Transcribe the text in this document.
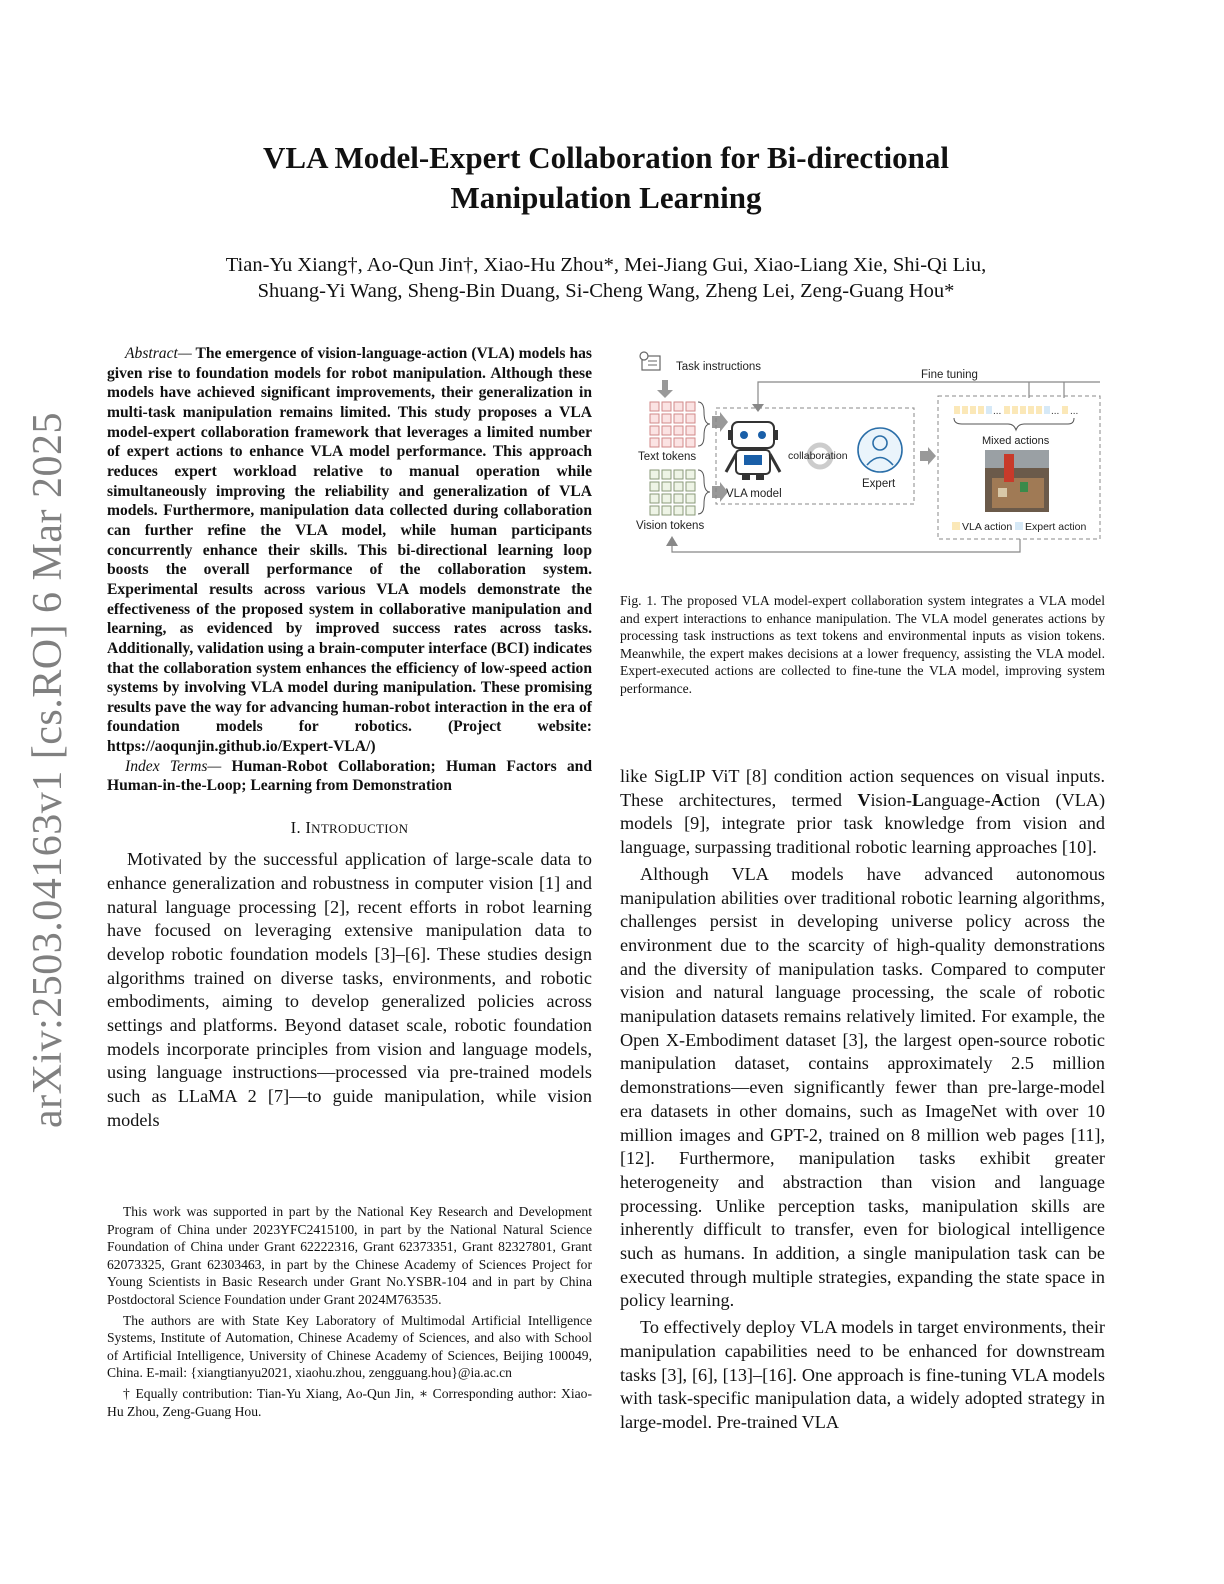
arXiv:2503.04163v1 [cs.RO] 6 Mar 2025
VLA Model-Expert Collaboration for Bi-directional
Manipulation Learning
Tian-Yu Xiang†, Ao-Qun Jin†, Xiao-Hu Zhou*, Mei-Jiang Gui, Xiao-Liang Xie, Shi-Qi Liu,
Shuang-Yi Wang, Sheng-Bin Duang, Si-Cheng Wang, Zheng Lei, Zeng-Guang Hou*

Abstract— The emergence of vision-language-action (VLA) models has given rise to foundation models for robot manipulation. Although these models have achieved significant improvements, their generalization in multi-task manipulation remains limited. This study proposes a VLA model-expert collaboration framework that leverages a limited number of expert actions to enhance VLA model performance. This approach reduces expert workload relative to manual operation while simultaneously improving the reliability and generalization of VLA models. Furthermore, manipulation data collected during collaboration can further refine the VLA model, while human participants concurrently enhance their skills. This bi-directional learning loop boosts the overall performance of the collaboration system. Experimental results across various VLA models demonstrate the effectiveness of the proposed system in collaborative manipulation and learning, as evidenced by improved success rates across tasks. Additionally, validation using a brain-computer interface (BCI) indicates that the collaboration system enhances the efficiency of low-speed action systems by involving VLA model during manipulation. These promising results pave the way for advancing human-robot interaction in the era of foundation models for robotics. (Project website: https://aoqunjin.github.io/Expert-VLA/)

Index Terms— Human-Robot Collaboration; Human Factors and Human-in-the-Loop; Learning from Demonstration

I. INTRODUCTION

Motivated by the successful application of large-scale data to enhance generalization and robustness in computer vision [1] and natural language processing [2], recent efforts in robot learning have focused on leveraging extensive manipulation data to develop robotic foundation models [3]–[6]. These studies design algorithms trained on diverse tasks, environments, and robotic embodiments, aiming to develop generalized policies across settings and platforms. Beyond dataset scale, robotic foundation models incorporate principles from vision and language models, using language instructions—processed via pre-trained models such as LLaMA 2 [7]—to guide manipulation, while vision models

This work was supported in part by the National Key Research and Development Program of China under 2023YFC2415100, in part by the National Natural Science Foundation of China under Grant 62222316, Grant 62373351, Grant 82327801, Grant 62073325, Grant 62303463, in part by the Chinese Academy of Sciences Project for Young Scientists in Basic Research under Grant No.YSBR-104 and in part by China Postdoctoral Science Foundation under Grant 2024M763535.

The authors are with State Key Laboratory of Multimodal Artificial Intelligence Systems, Institute of Automation, Chinese Academy of Sciences, and also with School of Artificial Intelligence, University of Chinese Academy of Sciences, Beijing 100049, China. E-mail: {xiangtianyu2021, xiaohu.zhou, zengguang.hou}@ia.ac.cn

† Equally contribution: Tian-Yu Xiang, Ao-Qun Jin, ∗ Corresponding author: Xiao-Hu Zhou, Zeng-Guang Hou.

Task instructions
Fine tuning
Text tokens
Vision tokens
VLA model
collaboration
Expert
...	... ...
Mixed actions
VLA action Expert action
Fig. 1. The proposed VLA model-expert collaboration system integrates a VLA model and expert interactions to enhance manipulation. The VLA model generates actions by processing task instructions as text tokens and environmental inputs as vision tokens. Meanwhile, the expert makes decisions at a lower frequency, assisting the VLA model. Expert-executed actions are collected to fine-tune the VLA model, improving system performance.

like SigLIP ViT [8] condition action sequences on visual inputs. These architectures, termed Vision-Language-Action (VLA) models [9], integrate prior task knowledge from vision and language, surpassing traditional robotic learning approaches [10].

Although VLA models have advanced autonomous manipulation abilities over traditional robotic learning algorithms, challenges persist in developing universe policy across the environment due to the scarcity of high-quality demonstrations and the diversity of manipulation tasks. Compared to computer vision and natural language processing, the scale of robotic manipulation datasets remains relatively limited. For example, the Open X-Embodiment dataset [3], the largest open-source robotic manipulation dataset, contains approximately 2.5 million demonstrations—even significantly fewer than pre-large-model era datasets in other domains, such as ImageNet with over 10 million images and GPT-2, trained on 8 million web pages [11], [12]. Furthermore, manipulation tasks exhibit greater heterogeneity and abstraction than vision and language processing. Unlike perception tasks, manipulation skills are inherently difficult to transfer, even for biological intelligence such as humans. In addition, a single manipulation task can be executed through multiple strategies, expanding the state space in policy learning.

To effectively deploy VLA models in target environments, their manipulation capabilities need to be enhanced for downstream tasks [3], [6], [13]–[16]. One approach is fine-tuning VLA models with task-specific manipulation data, a widely adopted strategy in large-model. Pre-trained VLA
